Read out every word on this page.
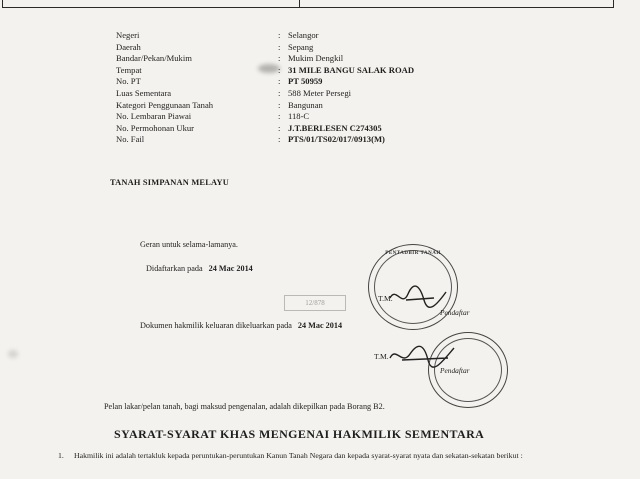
Negeri	: Selangor
Daerah	: Sepang
Bandar/Pekan/Mukim	: Mukim Dengkil
Tempat	: 31 MILE BANGU SALAK ROAD
No. PT	: PT 50959
Luas Sementara	: 588 Meter Persegi
Kategori Penggunaan Tanah	: Bangunan
No. Lembaran Piawai	: 118-C
No. Permohonan Ukur	: J.T.BERLESEN C274305
No. Fail	: PTS/01/TS02/017/0913(M)
TANAH SIMPANAN MELAYU
Geran untuk selama-lamanya.
Didaftarkan pada 24 Mac 2014
PENTADBIR TANAH
T.M.
Pendaftar
12/878
Dokumen hakmilik keluaran dikeluarkan pada 24 Mac 2014
T.M.
Pendaftar
Pelan lakar/pelan tanah, bagi maksud pengenalan, adalah dikepilkan pada Borang B2.
SYARAT-SYARAT KHAS MENGENAI HAKMILIK SEMENTARA
1.	Hakmilik ini adalah tertakluk kepada peruntukan-peruntukan Kanun Tanah Negara dan kepada syarat-syarat nyata dan sekatan-sekatan berikut :
